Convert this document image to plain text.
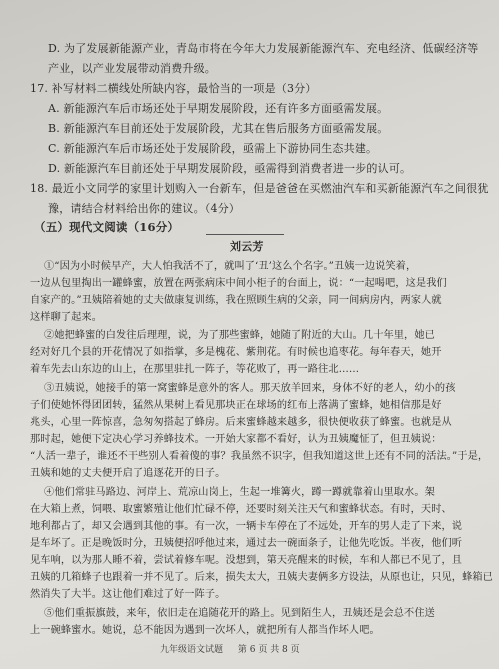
D. 为了发展新能源产业，青岛市将在今年大力发展新能源汽车、充电经济、低碳经济等
产业，以产业发展带动消费升级。
17. 补写材料二横线处所缺内容，最恰当的一项是（3分）
A. 新能源汽车后市场还处于早期发展阶段，还有许多方面亟需发展。
B. 新能源汽车目前还处于发展阶段，尤其在售后服务方面亟需发展。
C. 新能源汽车后市场还处于发展阶段，亟需上下游协同生态共建。
D. 新能源汽车目前还处于早期发展阶段，亟需得到消费者进一步的认可。
18. 最近小文同学的家里计划购入一台新车，但是爸爸在买燃油汽车和买新能源汽车之间很犹
豫，请结合材料给出你的建议。（4分）
（五）现代文阅读（16分）
刘云芳
①“因为小时候早产，大人怕我活不了，就叫了‘丑’这么个名字。”丑姨一边说笑着，
一边从包里掏出一罐蜂蜜，放置在两张病床中间小柜子的台面上，说：“一起喝吧，这是我们
自家产的。”丑姨陪着她的丈夫做康复训练，我在照顾生病的父亲，同一间病房内，两家人就
这样聊了起来。
②她把蜂蜜的白发往后理理，说，为了那些蜜蜂，她随了附近的大山。几十年里，她已
经对好几个县的开花情况了如指掌，多是槐花、紫荆花。有时候也追枣花。每年春天，她开
着车先去山东边的山上，在那里驻扎一阵子，等花败了，再一路往北……
③丑姨说，她接手的第一窝蜜蜂是意外的客人。那天放羊回来，身体不好的老人，幼小的孩
子们使她怀得团团转，猛然从果树上看见那块正在球场的红布上落满了蜜蜂，她相信那是好
兆头，心里一阵惊喜，急匆匆搭起了蜂房。后来蜜蜂越来越多，很快便收获了蜂蜜。也就是从
那时起，她便下定决心学习养蜂技术。一开始大家都不看好，认为丑姨魔怔了，但丑姨说：
“人活一辈子，谁还不干些别人看着傻的事？我虽然不识字，但我知道这世上还有不同的活法。”于是，
丑姨和她的丈夫便开启了追逐花开的日子。
④他们常驻马路边、河岸上、荒凉山岗上，生起一堆篝火，蹲一蹲就靠着山里取水。架
在大箱上煮，饲喂、取蜜繁殖让他们忙碌不停，还要时刻关注天气和蜜蜂状态。有时，天时、
地利都占了，却又会遇到其他的事。有一次，一辆卡车停在了不远处，开车的男人走了下来，说
是车坏了。正是晚饭时分，丑姨便招呼他过来，通过去一碗面条子，让他先吃饭。半夜，他们听
见车响，以为那人睡不着，尝试着修车呢。没想到，第天亮醒来的时候，车和人都已不见了，且
丑姨的几箱蜂子也跟着一并不见了。后来，损失太大，丑姨夫妻俩多方设法，从原也让，只见，蜂箱已
然消失了大半。这让他们难过了好一阵子。
⑤他们重振旗鼓，来年，依旧走在追随花开的路上。见到陌生人，丑姨还是会总不住送
上一碗蜂蜜水。她说，总不能因为遇到一次坏人，就把所有人都当作坏人吧。
九年级语文试题 第 6 页 共 8 页
